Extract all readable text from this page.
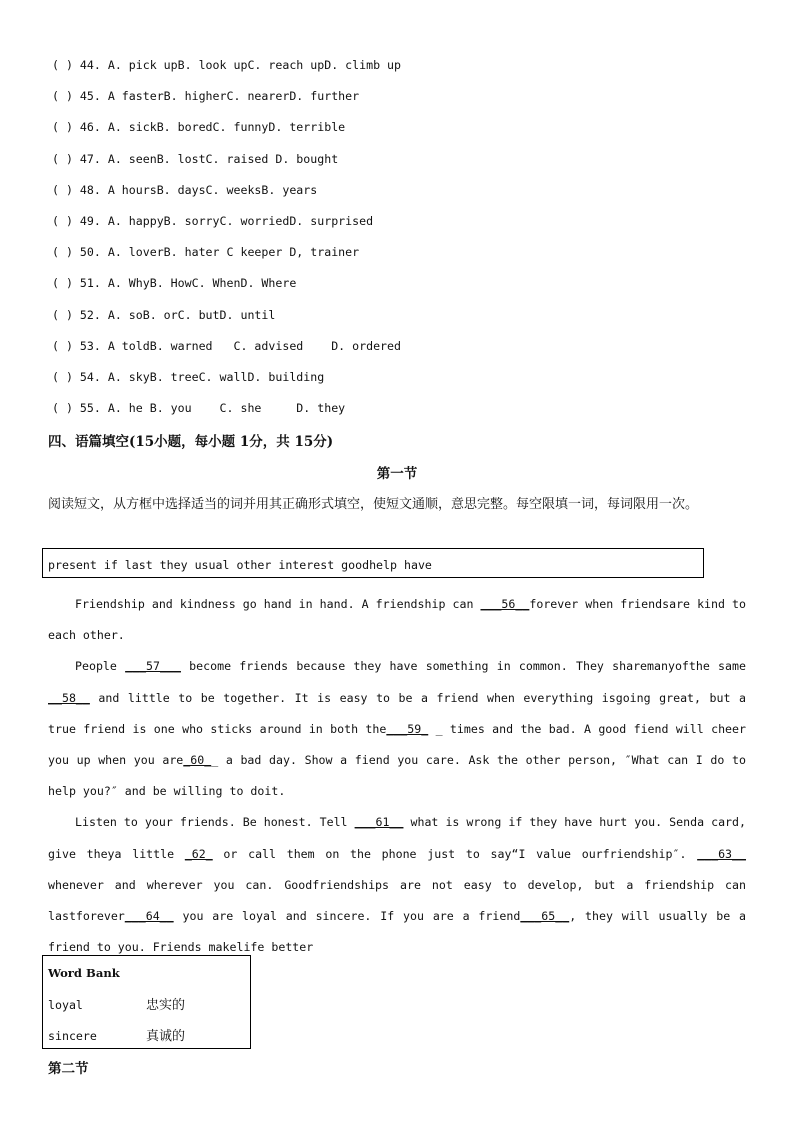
( ) 44. A. pick upB. look upC. reach upD. climb up
( ) 45. A fasterB. higherC. nearerD. further
( ) 46. A. sickB. boredC. funnyD. terrible
( ) 47. A. seenB. lostC. raised D. bought
( ) 48. A hoursB. daysC. weeksB. years
( ) 49. A. happyB. sorryC. worriedD. surprised
( ) 50. A. loverB. hater C keeper D, trainer
( ) 51. A. WhyB. HowC. WhenD. Where
( ) 52. A. soB. orC. butD. until
( ) 53. A toldB. warned   C. advised    D. ordered
( ) 54. A. skyB. treeC. wallD. building
( ) 55. A. he B. you    C. she     D. they
四、语篇填空(15小题，每小题 1分，共 15分)
第一节
阅读短文，从方框中选择适当的词并用其正确形式填空，使短文通顺，意思完整。每空限填一词，每词限用一次。
present if last they usual other interest goodhelp have

Friendship and kindness go hand in hand. A friendship can ___56__forever when friendsare kind to each other.

People ___57___ become friends because they have something in common. They sharemanyofthe same __58__ and little to be together. It is easy to be a friend when everything isgoing great, but a true friend is one who sticks around in both the___59_ _ times and the bad. A good fiend will cheer you up when you are_60__ a bad day. Show a fiend you care. Ask the other person, ″What can I do to help you?″ and be willing to doit.

Listen to your friends. Be honest. Tell ___61__ what is wrong if they have hurt you. Senda card, give theya little _62_ or call them on the phone just to say“I value ourfriendship″. ___63__ whenever and wherever you can. Goodfriendships are not easy to develop, but a friendship can lastforever___64__ you are loyal and sincere. If you are a friend___65__, they will usually be a friend to you. Friends makelife better

Word Bank
loyal	忠实的
sincere	真诚的
第二节
